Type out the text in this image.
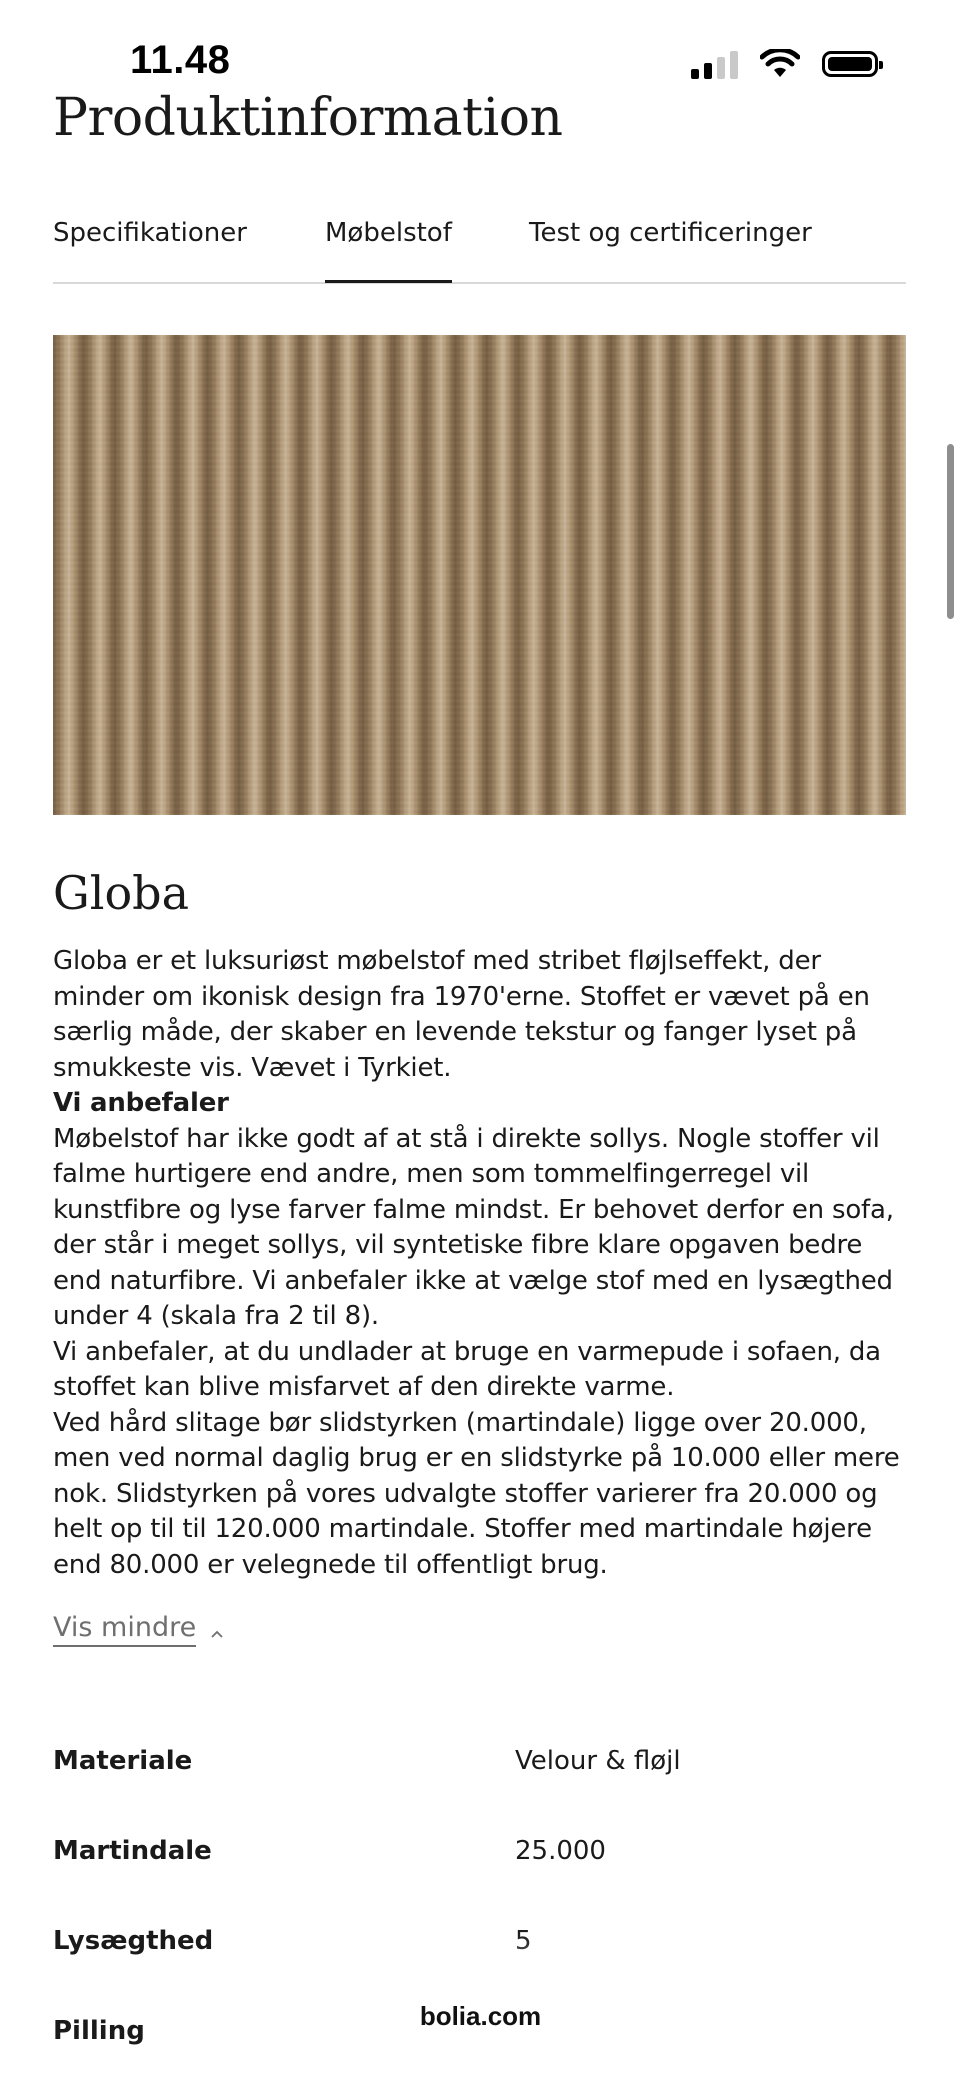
11.48
Produktinformation
Specifikationer	Møbelstof	Test og certificeringer
Globa

Globa er et luksuriøst møbelstof med stribet fløjlseffekt, der minder om ikonisk design fra 1970'erne. Stoffet er vævet på en særlig måde, der skaber en levende tekstur og fanger lyset på smukkeste vis. Vævet i Tyrkiet.

Vi anbefaler

Møbelstof har ikke godt af at stå i direkte sollys. Nogle stoffer vil falme hurtigere end andre, men som tommelfingerregel vil kunstfibre og lyse farver falme mindst. Er behovet derfor en sofa, der står i meget sollys, vil syntetiske fibre klare opgaven bedre end naturfibre. Vi anbefaler ikke at vælge stof med en lysægthed under 4 (skala fra 2 til 8).

Vi anbefaler, at du undlader at bruge en varmepude i sofaen, da stoffet kan blive misfarvet af den direkte varme.

Ved hård slitage bør slidstyrken (martindale) ligge over 20.000, men ved normal daglig brug er en slidstyrke på 10.000 eller mere nok. Slidstyrken på vores udvalgte stoffer varierer fra 20.000 og helt op til til 120.000 martindale. Stoffer med martindale højere end 80.000 er velegnede til offentligt brug.

Vis mindre
Materiale	Velour & fløjl
Martindale	25.000
Lysægthed	5
Pilling
bolia.com
